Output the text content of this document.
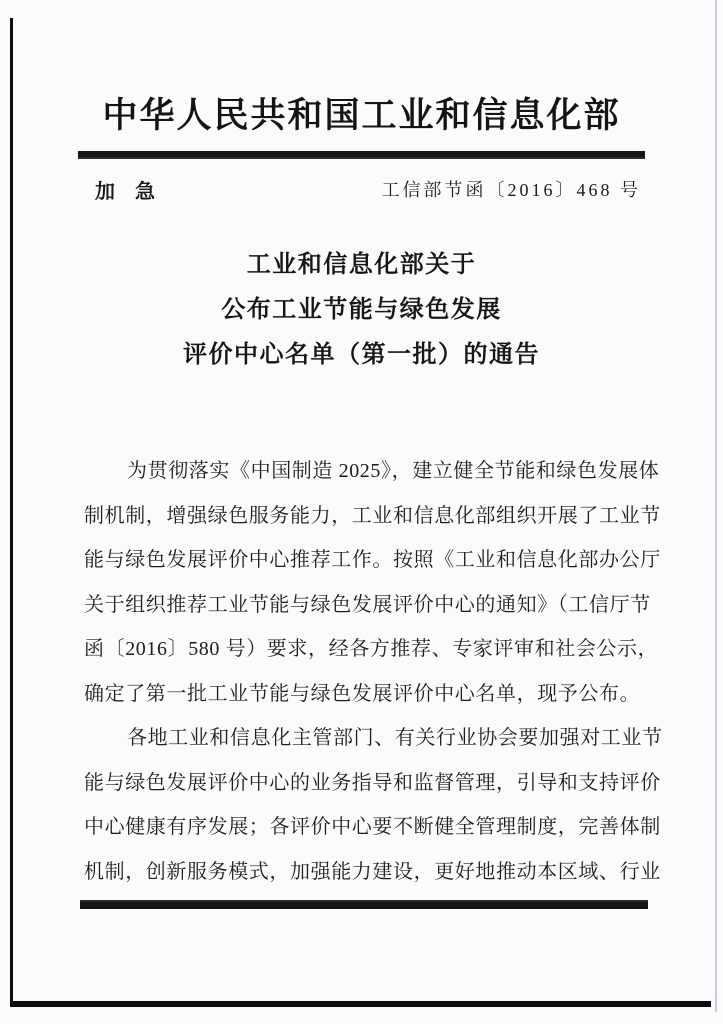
中华人民共和国工业和信息化部
加　急	工信部节函〔2016〕468 号
工业和信息化部关于
公布工业节能与绿色发展
评价中心名单（第一批）的通告
为贯彻落实《中国制造 2025》，建立健全节能和绿色发展体
制机制，增强绿色服务能力，工业和信息化部组织开展了工业节
能与绿色发展评价中心推荐工作。按照《工业和信息化部办公厅
关于组织推荐工业节能与绿色发展评价中心的通知》（工信厅节
函〔2016〕580 号）要求，经各方推荐、专家评审和社会公示，
确定了第一批工业节能与绿色发展评价中心名单，现予公布。
各地工业和信息化主管部门、有关行业协会要加强对工业节
能与绿色发展评价中心的业务指导和监督管理，引导和支持评价
中心健康有序发展；各评价中心要不断健全管理制度，完善体制
机制，创新服务模式，加强能力建设，更好地推动本区域、行业
